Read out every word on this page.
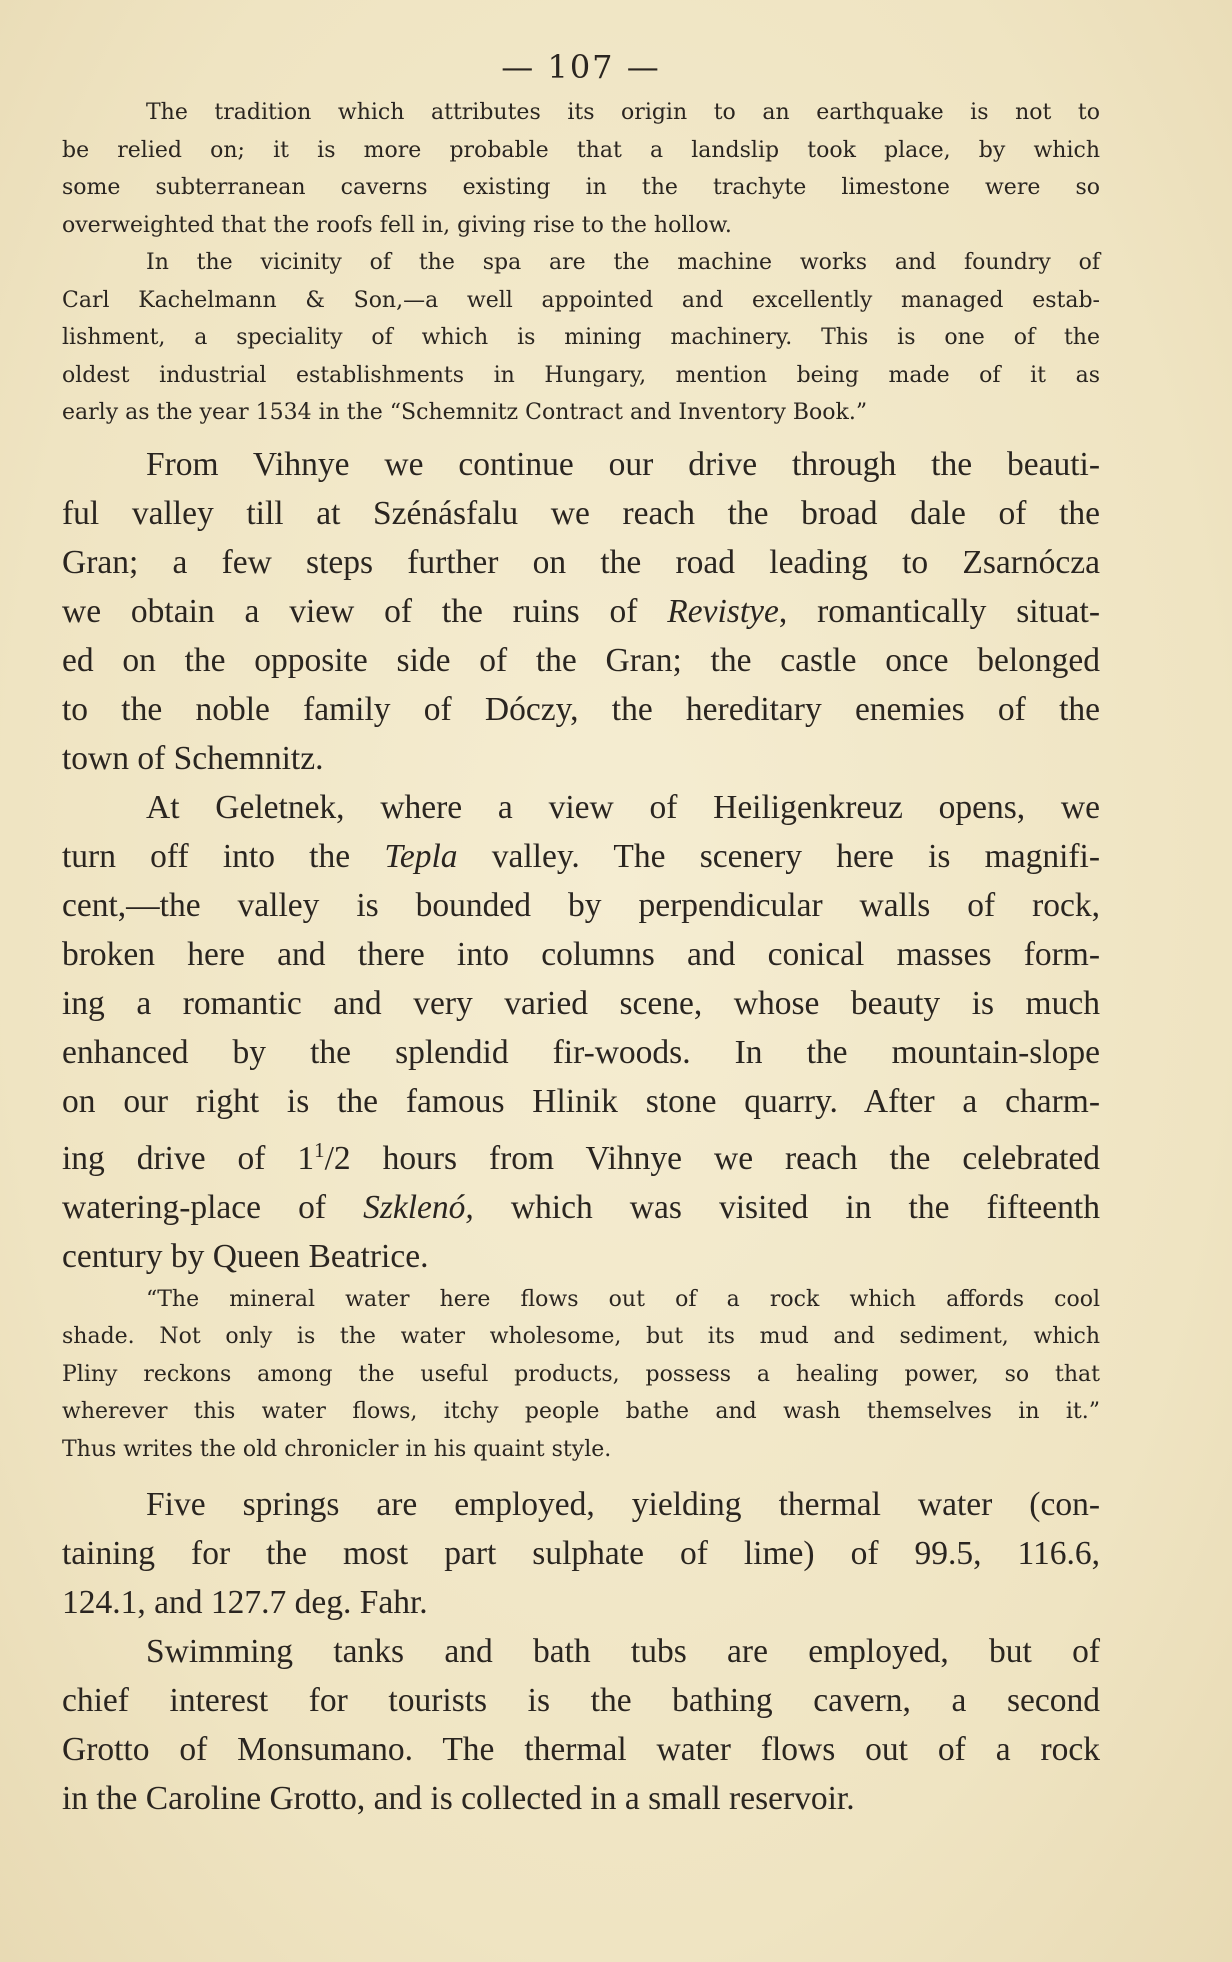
— 107 —
The tradition which attributes its origin to an earthquake is not to
be relied on; it is more probable that a landslip took place, by which
some subterranean caverns existing in the trachyte limestone were so
overweighted that the roofs fell in, giving rise to the hollow.
In the vicinity of the spa are the machine works and foundry of
Carl Kachelmann & Son,—a well appointed and excellently managed estab-
lishment, a speciality of which is mining machinery. This is one of the
oldest industrial establishments in Hungary, mention being made of it as
early as the year 1534 in the “Schemnitz Contract and Inventory Book.”
From Vihnye we continue our drive through the beauti-
ful valley till at Szénásfalu we reach the broad dale of the
Gran; a few steps further on the road leading to Zsarnócza
we obtain a view of the ruins of Revistye, romantically situat-
ed on the opposite side of the Gran; the castle once belonged
to the noble family of Dóczy, the hereditary enemies of the
town of Schemnitz.
At Geletnek, where a view of Heiligenkreuz opens, we
turn off into the Tepla valley. The scenery here is magnifi-
cent,—the valley is bounded by perpendicular walls of rock,
broken here and there into columns and conical masses form-
ing a romantic and very varied scene, whose beauty is much
enhanced by the splendid fir-woods. In the mountain-slope
on our right is the famous Hlinik stone quarry. After a charm-
ing drive of $1^1/2$ hours from Vihnye we reach the celebrated
watering-place of Szklenó, which was visited in the fifteenth
century by Queen Beatrice.
“The mineral water here flows out of a rock which affords cool
shade. Not only is the water wholesome, but its mud and sediment, which
Pliny reckons among the useful products, possess a healing power, so that
wherever this water flows, itchy people bathe and wash themselves in it.”
Thus writes the old chronicler in his quaint style.
Five springs are employed, yielding thermal water (con-
taining for the most part sulphate of lime) of 99.5, 116.6,
124.1, and 127.7 deg. Fahr.
Swimming tanks and bath tubs are employed, but of
chief interest for tourists is the bathing cavern, a second
Grotto of Monsumano. The thermal water flows out of a rock
in the Caroline Grotto, and is collected in a small reservoir.
